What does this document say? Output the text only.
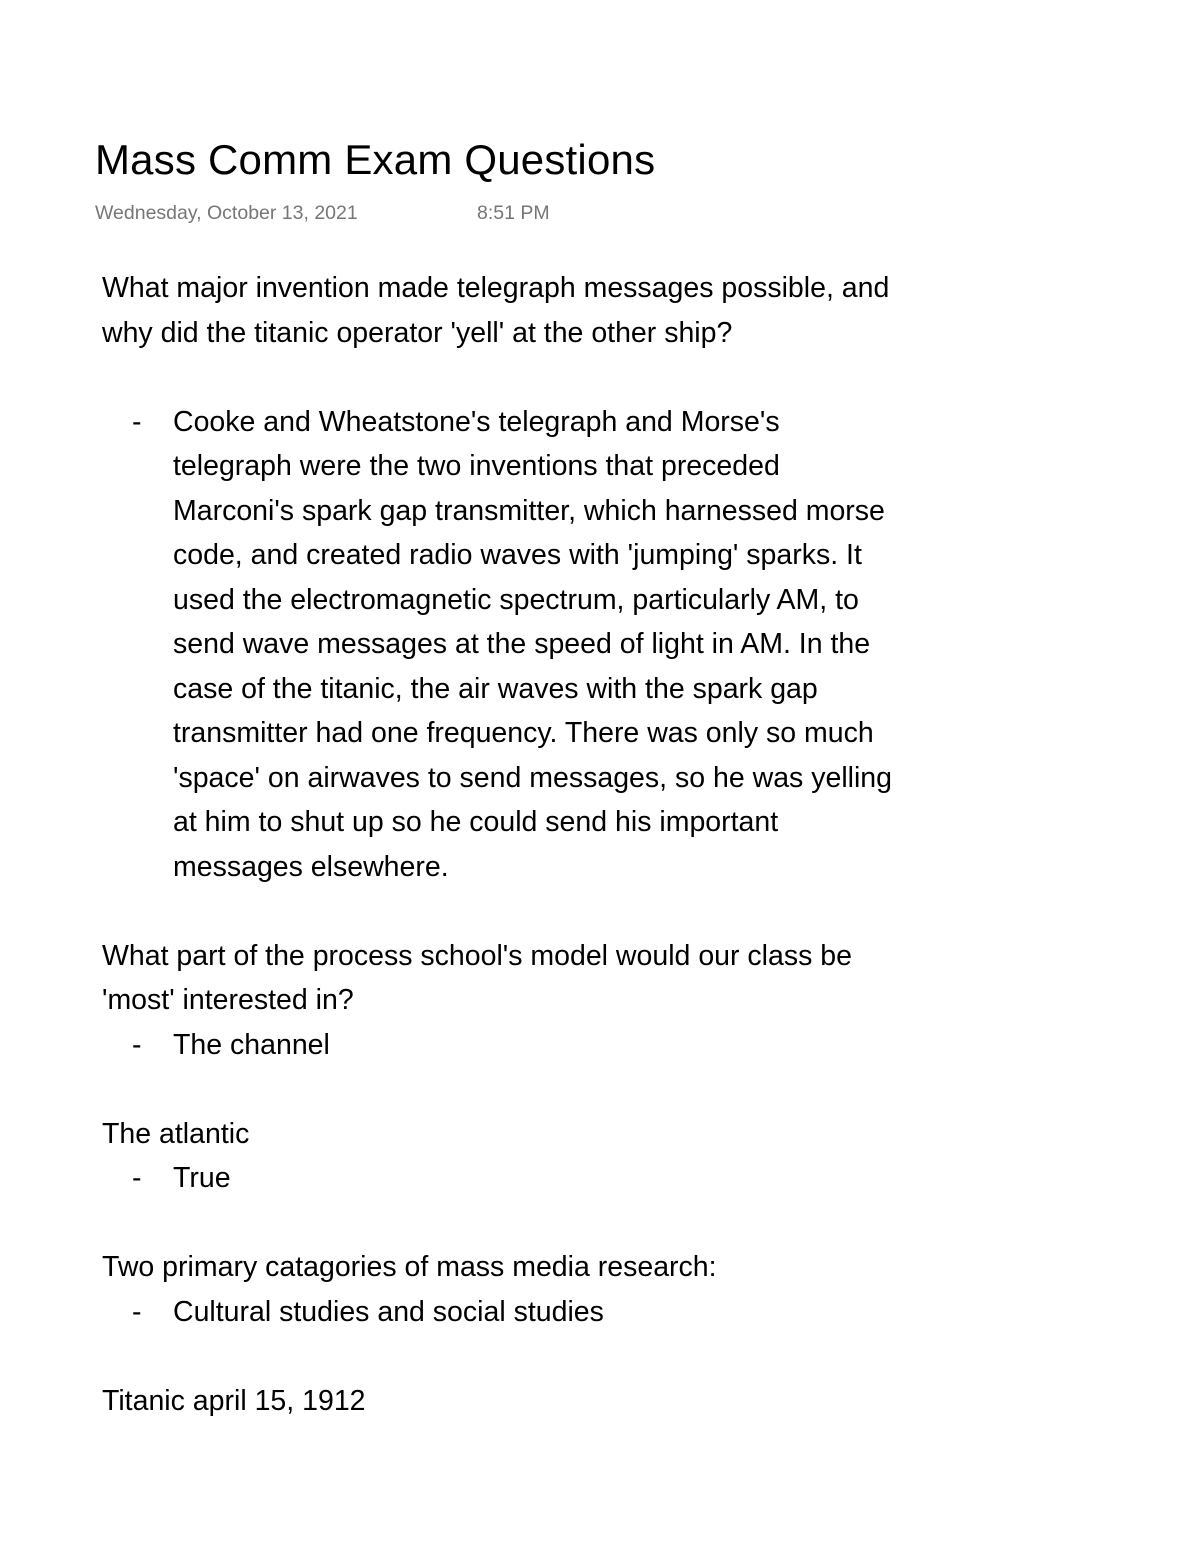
Mass Comm Exam Questions
Wednesday, October 13, 2021	8:51 PM

What major invention made telegraph messages possible, and
why did the titanic operator 'yell' at the other ship?

- Cooke and Wheatstone's telegraph and Morse's
telegraph were the two inventions that preceded
Marconi's spark gap transmitter, which harnessed morse
code, and created radio waves with 'jumping' sparks. It
used the electromagnetic spectrum, particularly AM, to
send wave messages at the speed of light in AM. In the
case of the titanic, the air waves with the spark gap
transmitter had one frequency. There was only so much
'space' on airwaves to send messages, so he was yelling
at him to shut up so he could send his important
messages elsewhere.

What part of the process school's model would our class be
'most' interested in?

- The channel

The atlantic

- True

Two primary catagories of mass media research:

- Cultural studies and social studies

Titanic april 15, 1912
